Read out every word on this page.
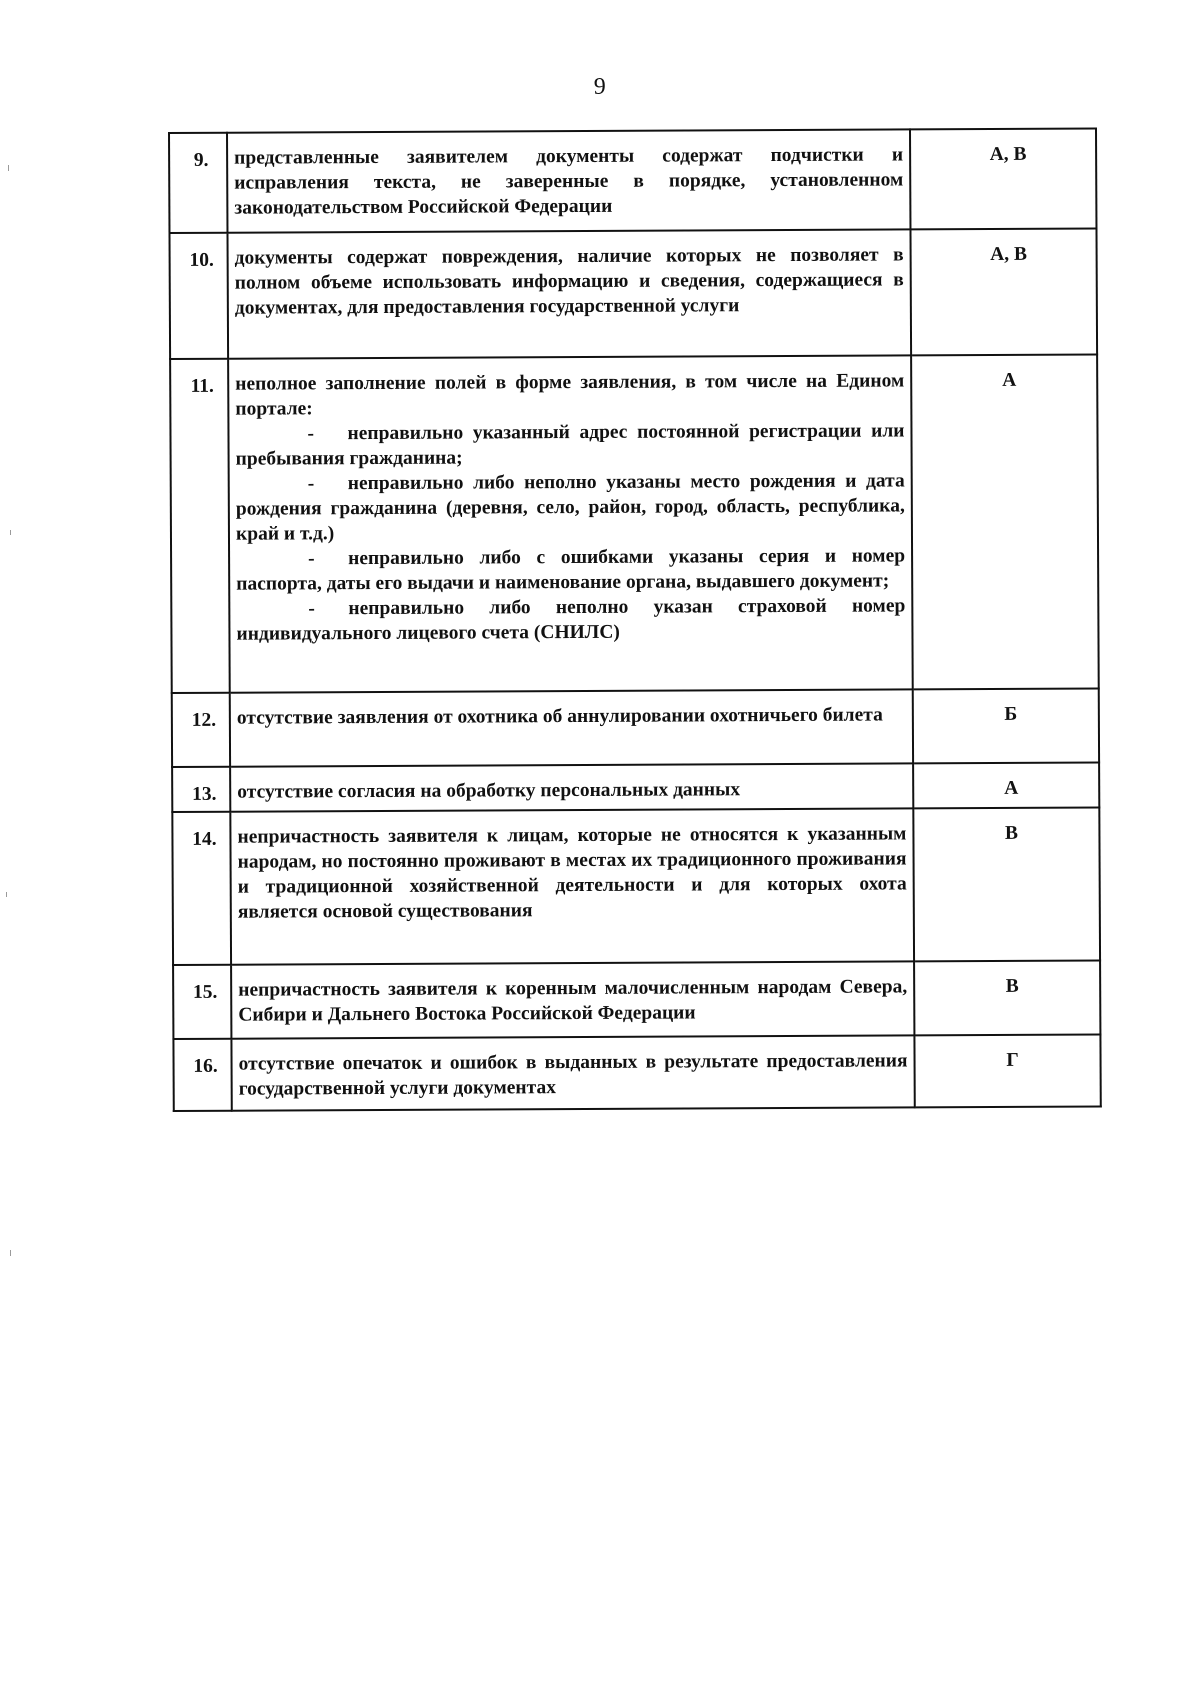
9
9.	представленные заявителем документы содержат подчистки и исправления текста, не заверенные в порядке, установленном законодательством Российской Федерации	А, В
10.	документы содержат повреждения, наличие которых не позволяет в полном объеме использовать информацию и сведения, содержащиеся в документах, для предоставления государственной услуги	А, В
11.	неполное заполнение полей в форме заявления, в том числе на Едином портале:
- неправильно указанный адрес постоянной регистрации или пребывания гражданина;
- неправильно либо неполно указаны место рождения и дата рождения гражданина (деревня, село, район, город, область, республика, край и т.д.)
- неправильно либо с ошибками указаны серия и номер паспорта, даты его выдачи и наименование органа, выдавшего документ;
- неправильно либо неполно указан страховой номер индивидуального лицевого счета (СНИЛС)	А
12.	отсутствие заявления от охотника об аннулировании охотничьего билета	Б
13.	отсутствие согласия на обработку персональных данных	А
14.	непричастность заявителя к лицам, которые не относятся к указанным народам, но постоянно проживают в местах их традиционного проживания и традиционной хозяйственной деятельности и для которых охота является основой существования	В
15.	непричастность заявителя к коренным малочисленным народам Севера, Сибири и Дальнего Востока Российской Федерации	В
16.	отсутствие опечаток и ошибок в выданных в результате предоставления государственной услуги документах	Г
